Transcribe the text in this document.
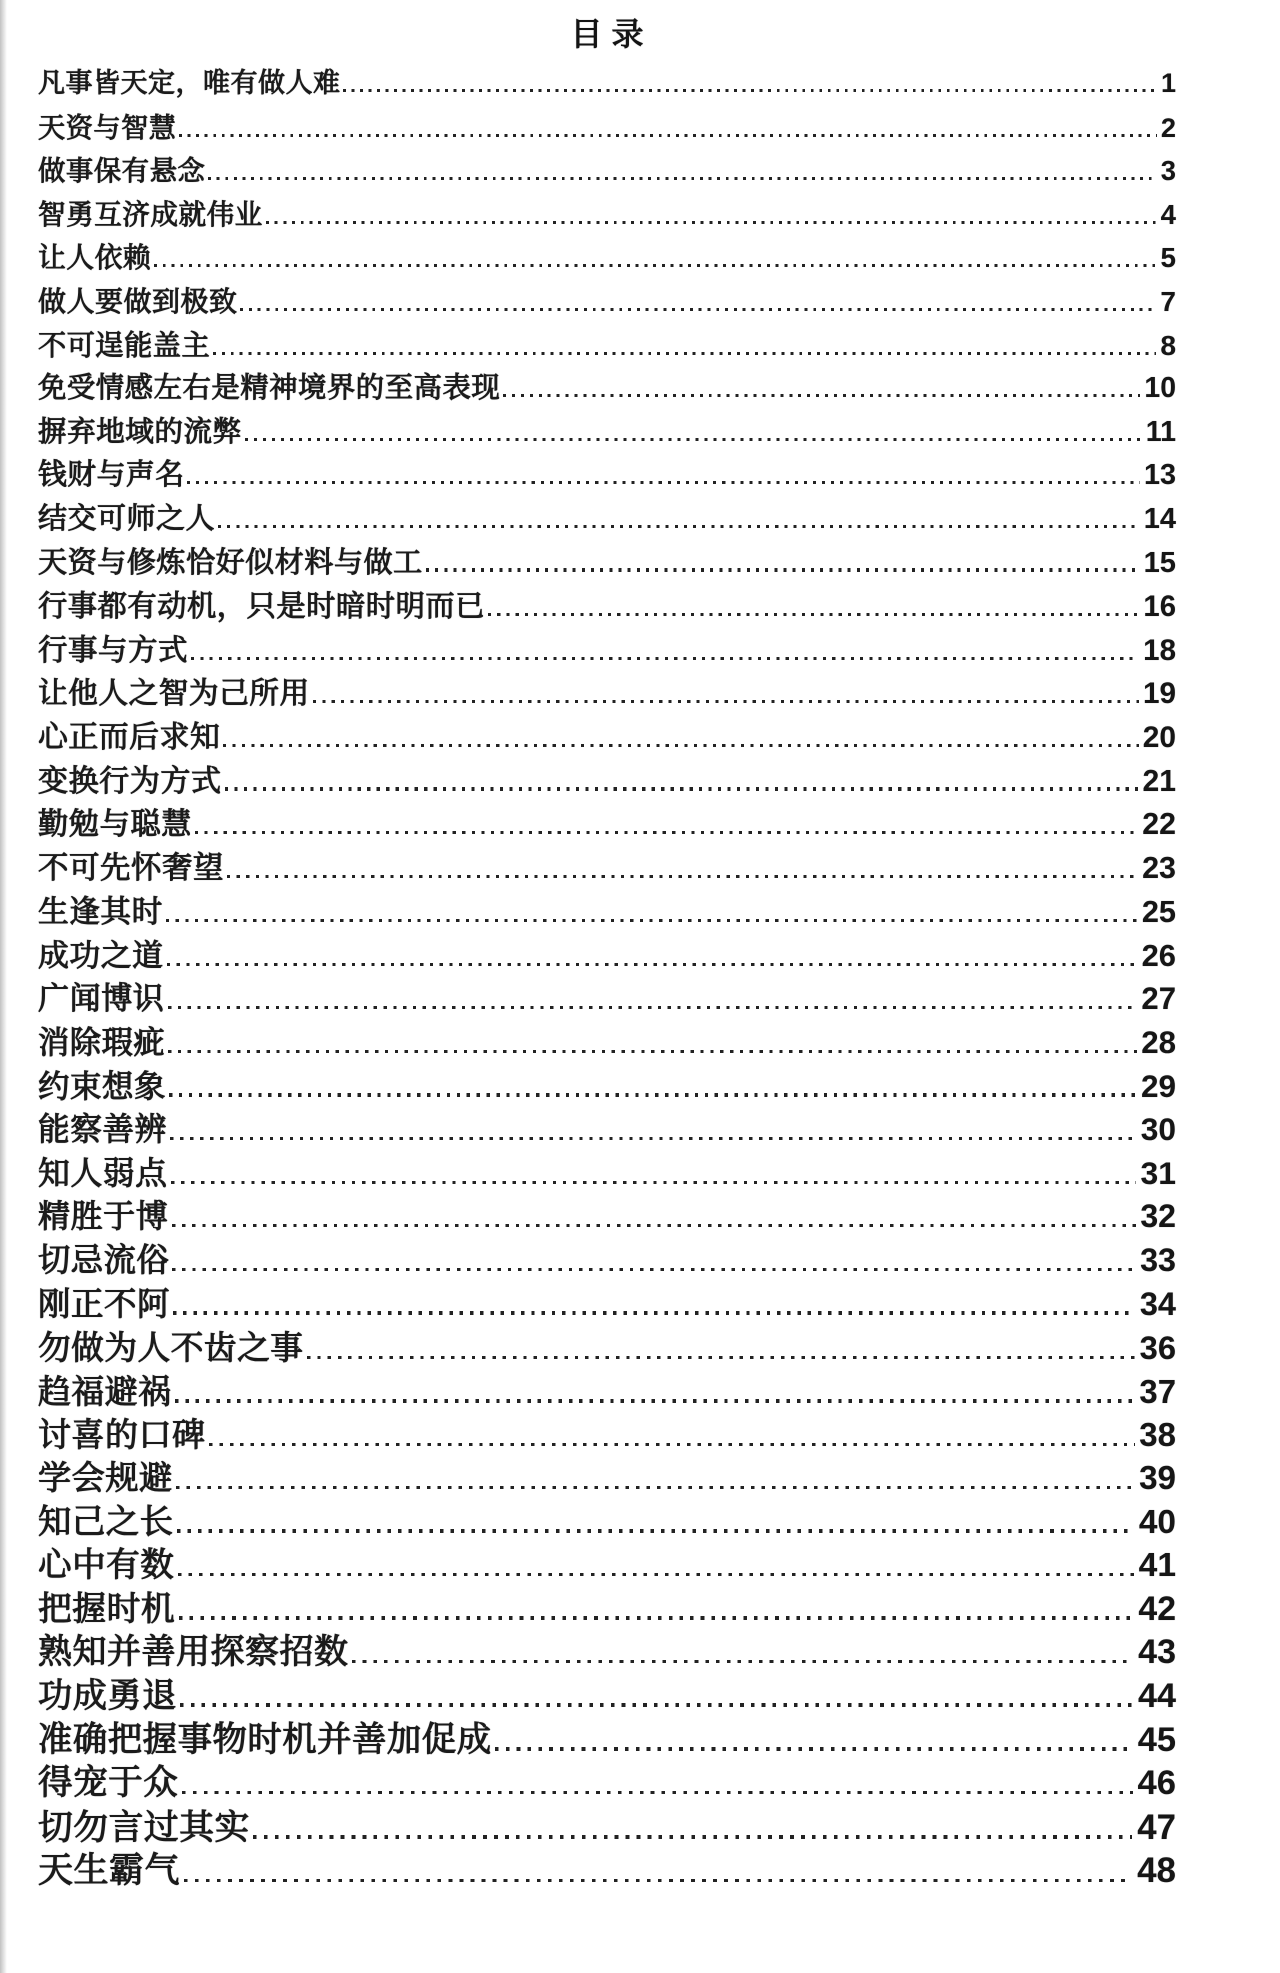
目录
凡事皆天定，唯有做人难	1
天资与智慧	2
做事保有悬念	3
智勇互济成就伟业	4
让人依赖	5
做人要做到极致	7
不可逞能盖主	8
免受情感左右是精神境界的至高表现	10
摒弃地域的流弊	11
钱财与声名	13
结交可师之人	14
天资与修炼恰好似材料与做工	15
行事都有动机，只是时暗时明而已	16
行事与方式	18
让他人之智为己所用	19
心正而后求知	20
变换行为方式	21
勤勉与聪慧	22
不可先怀奢望	23
生逢其时	25
成功之道	26
广闻博识	27
消除瑕疵	28
约束想象	29
能察善辨	30
知人弱点	31
精胜于博	32
切忌流俗	33
刚正不阿	34
勿做为人不齿之事	36
趋福避祸	37
讨喜的口碑	38
学会规避	39
知己之长	40
心中有数	41
把握时机	42
熟知并善用探察招数	43
功成勇退	44
准确把握事物时机并善加促成	45
得宠于众	46
切勿言过其实	47
天生霸气	48
